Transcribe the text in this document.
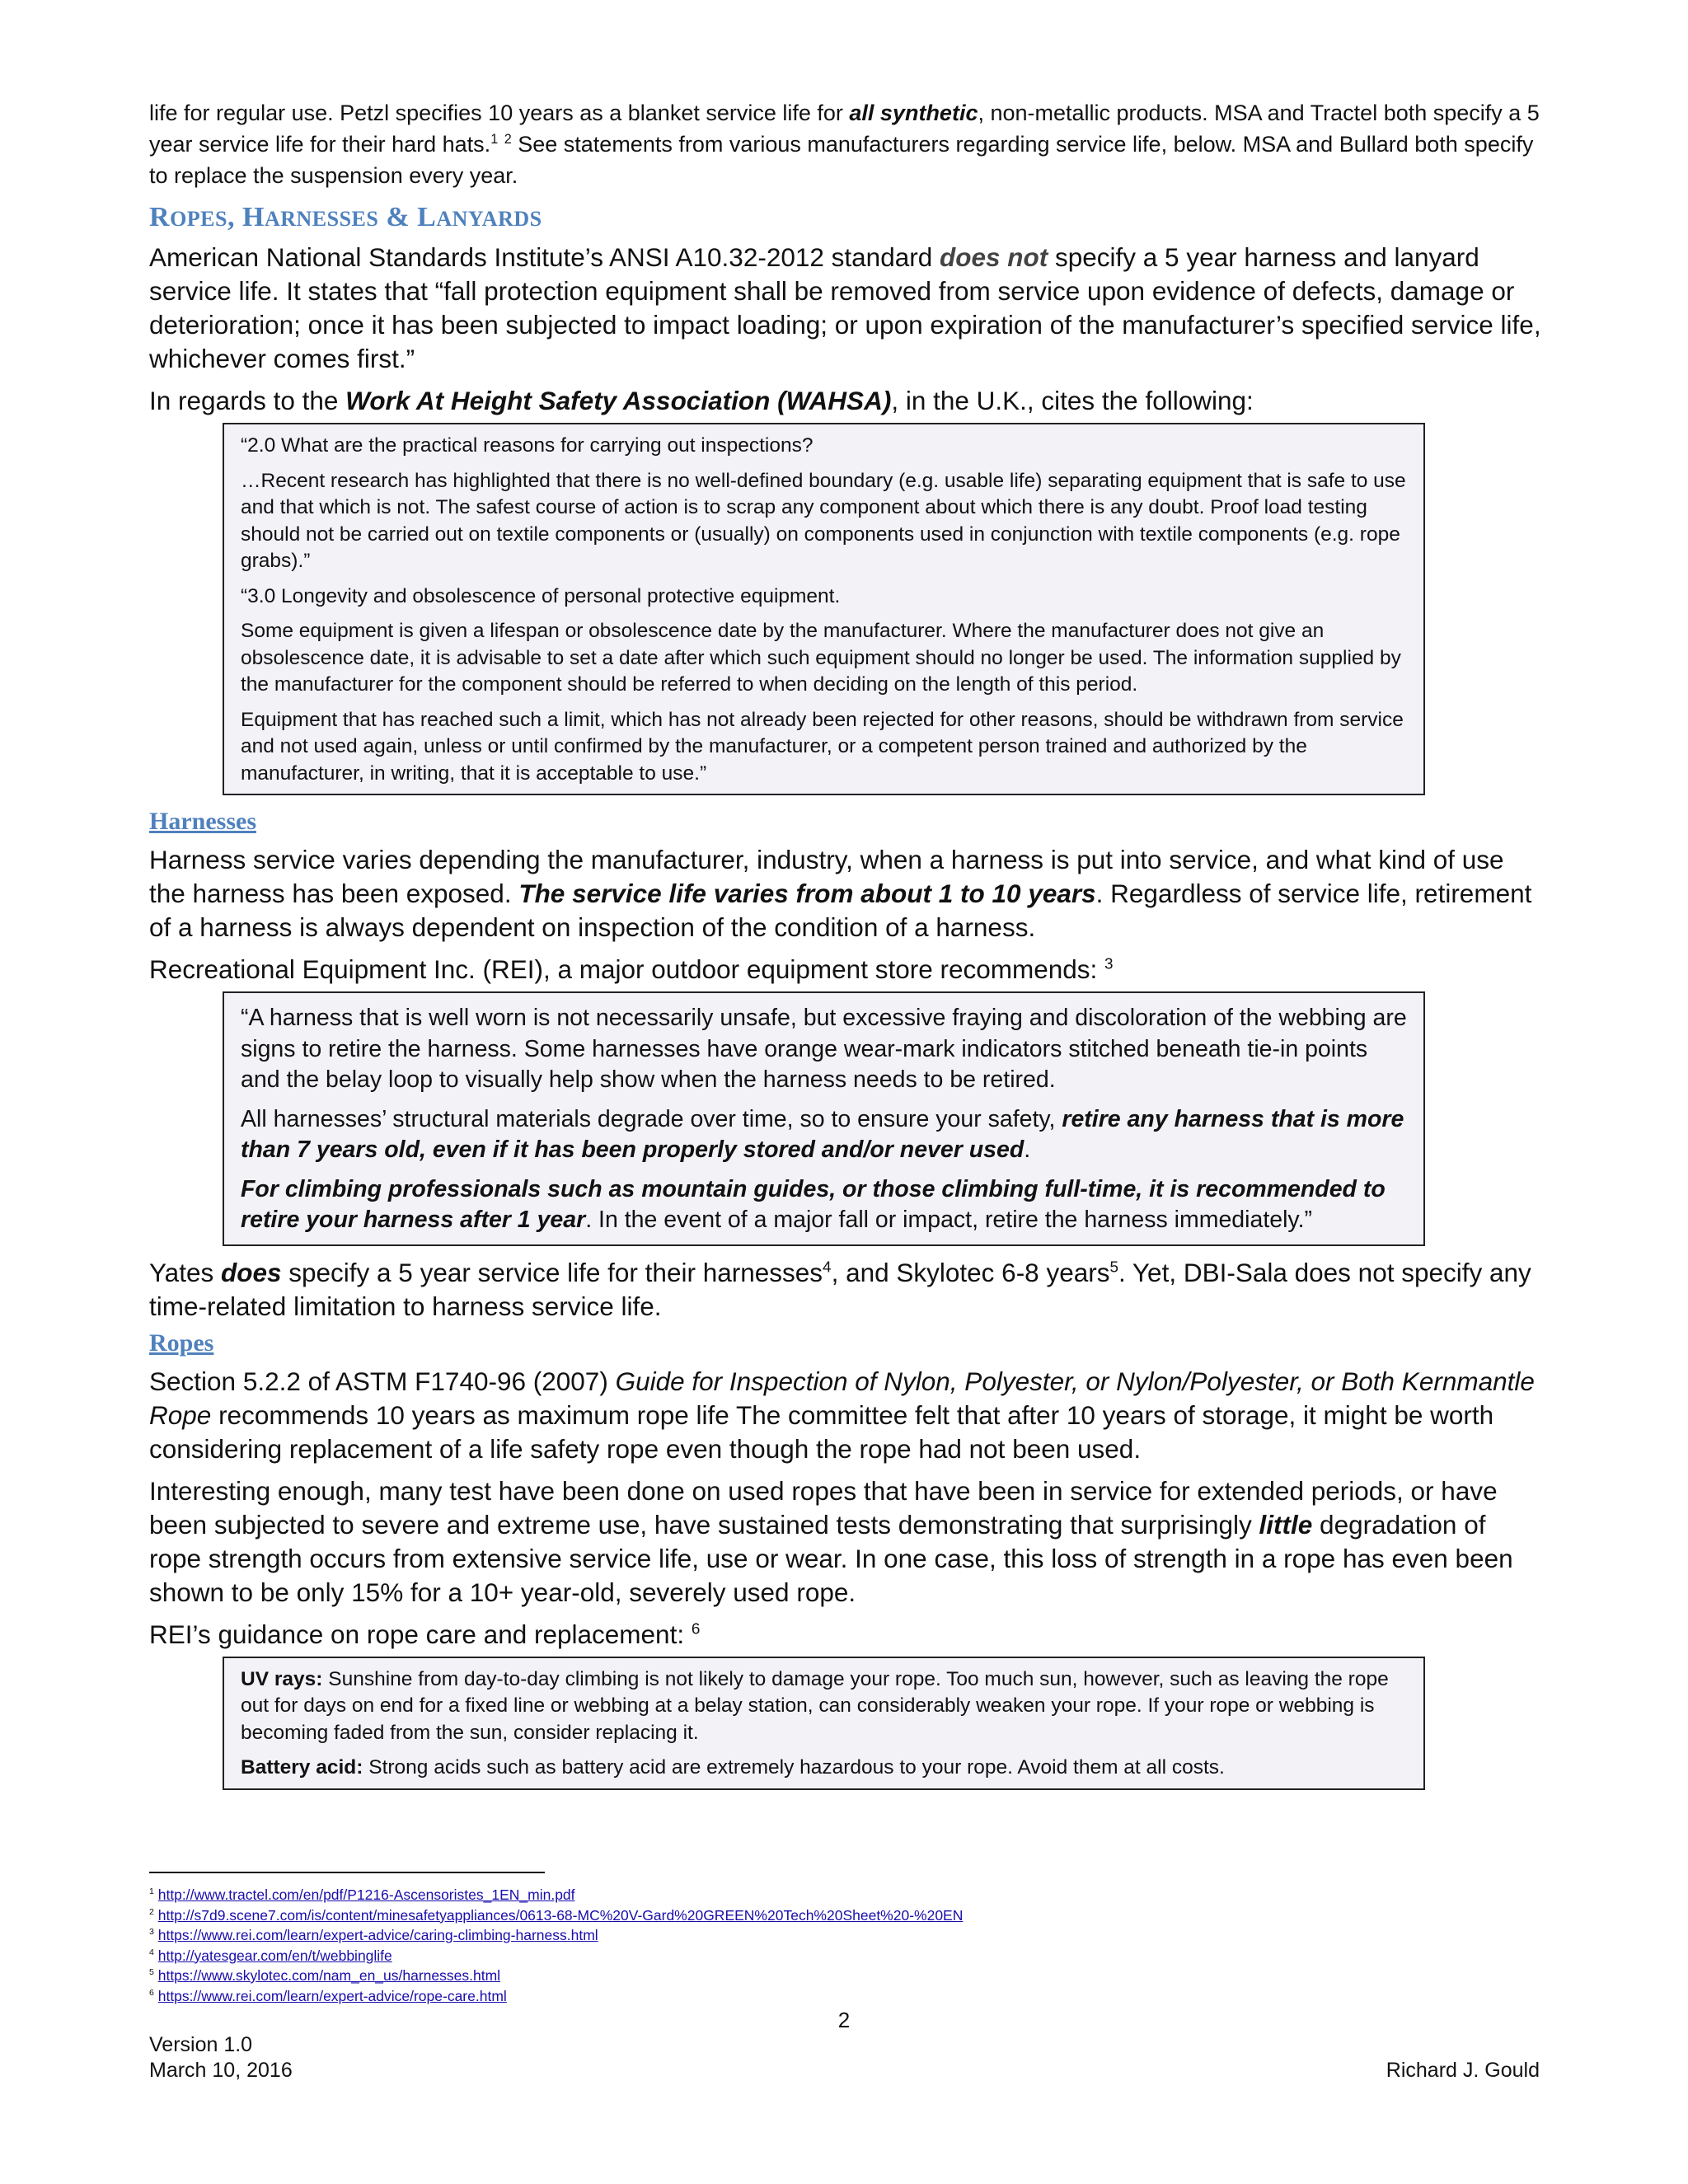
life for regular use. Petzl specifies 10 years as a blanket service life for all synthetic, non-metallic products. MSA and Tractel both specify a 5 year service life for their hard hats.$^1$ $^2$ See statements from various manufacturers regarding service life, below. MSA and Bullard both specify to replace the suspension every year.

ROPES, HARNESSES & LANYARDS

American National Standards Institute’s ANSI A10.32-2012 standard does not specify a 5 year harness and lanyard service life. It states that “fall protection equipment shall be removed from service upon evidence of defects, damage or deterioration; once it has been subjected to impact loading; or upon expiration of the manufacturer’s specified service life, whichever comes first.”

In regards to the Work At Height Safety Association (WAHSA), in the U.K., cites the following:

“2.0 What are the practical reasons for carrying out inspections?

…Recent research has highlighted that there is no well-defined boundary (e.g. usable life) separating equipment that is safe to use and that which is not. The safest course of action is to scrap any component about which there is any doubt. Proof load testing should not be carried out on textile components or (usually) on components used in conjunction with textile components (e.g. rope grabs).”

“3.0 Longevity and obsolescence of personal protective equipment.

Some equipment is given a lifespan or obsolescence date by the manufacturer. Where the manufacturer does not give an obsolescence date, it is advisable to set a date after which such equipment should no longer be used. The information supplied by the manufacturer for the component should be referred to when deciding on the length of this period.

Equipment that has reached such a limit, which has not already been rejected for other reasons, should be withdrawn from service and not used again, unless or until confirmed by the manufacturer, or a competent person trained and authorized by the manufacturer, in writing, that it is acceptable to use.”

Harnesses

Harness service varies depending the manufacturer, industry, when a harness is put into service, and what kind of use the harness has been exposed. The service life varies from about 1 to 10 years. Regardless of service life, retirement of a harness is always dependent on inspection of the condition of a harness.

Recreational Equipment Inc. (REI), a major outdoor equipment store recommends: $^3$

“A harness that is well worn is not necessarily unsafe, but excessive fraying and discoloration of the webbing are signs to retire the harness. Some harnesses have orange wear-mark indicators stitched beneath tie-in points and the belay loop to visually help show when the harness needs to be retired.

All harnesses’ structural materials degrade over time, so to ensure your safety, retire any harness that is more than 7 years old, even if it has been properly stored and/or never used.

For climbing professionals such as mountain guides, or those climbing full-time, it is recommended to retire your harness after 1 year. In the event of a major fall or impact, retire the harness immediately.”

Yates does specify a 5 year service life for their harnesses$^4$, and Skylotec 6-8 years$^5$. Yet, DBI-Sala does not specify any time-related limitation to harness service life.

Ropes

Section 5.2.2 of ASTM F1740-96 (2007) Guide for Inspection of Nylon, Polyester, or Nylon/Polyester, or Both Kernmantle Rope recommends 10 years as maximum rope life The committee felt that after 10 years of storage, it might be worth considering replacement of a life safety rope even though the rope had not been used.

Interesting enough, many test have been done on used ropes that have been in service for extended periods, or have been subjected to severe and extreme use, have sustained tests demonstrating that surprisingly little degradation of rope strength occurs from extensive service life, use or wear. In one case, this loss of strength in a rope has even been shown to be only 15% for a 10+ year-old, severely used rope.

REI’s guidance on rope care and replacement: $^6$

UV rays: Sunshine from day-to-day climbing is not likely to damage your rope. Too much sun, however, such as leaving the rope out for days on end for a fixed line or webbing at a belay station, can considerably weaken your rope. If your rope or webbing is becoming faded from the sun, consider replacing it.

Battery acid: Strong acids such as battery acid are extremely hazardous to your rope. Avoid them at all costs.

$^1$ http://www.tractel.com/en/pdf/P1216-Ascensoristes_1EN_min.pdf
$^2$ http://s7d9.scene7.com/is/content/minesafetyappliances/0613-68-MC%20V-Gard%20GREEN%20Tech%20Sheet%20-%20EN
$^3$ https://www.rei.com/learn/expert-advice/caring-climbing-harness.html
$^4$ http://yatesgear.com/en/t/webbinglife
$^5$ https://www.skylotec.com/nam_en_us/harnesses.html
$^6$ https://www.rei.com/learn/expert-advice/rope-care.html
2
Version 1.0
March 10, 2016	Richard J. Gould
